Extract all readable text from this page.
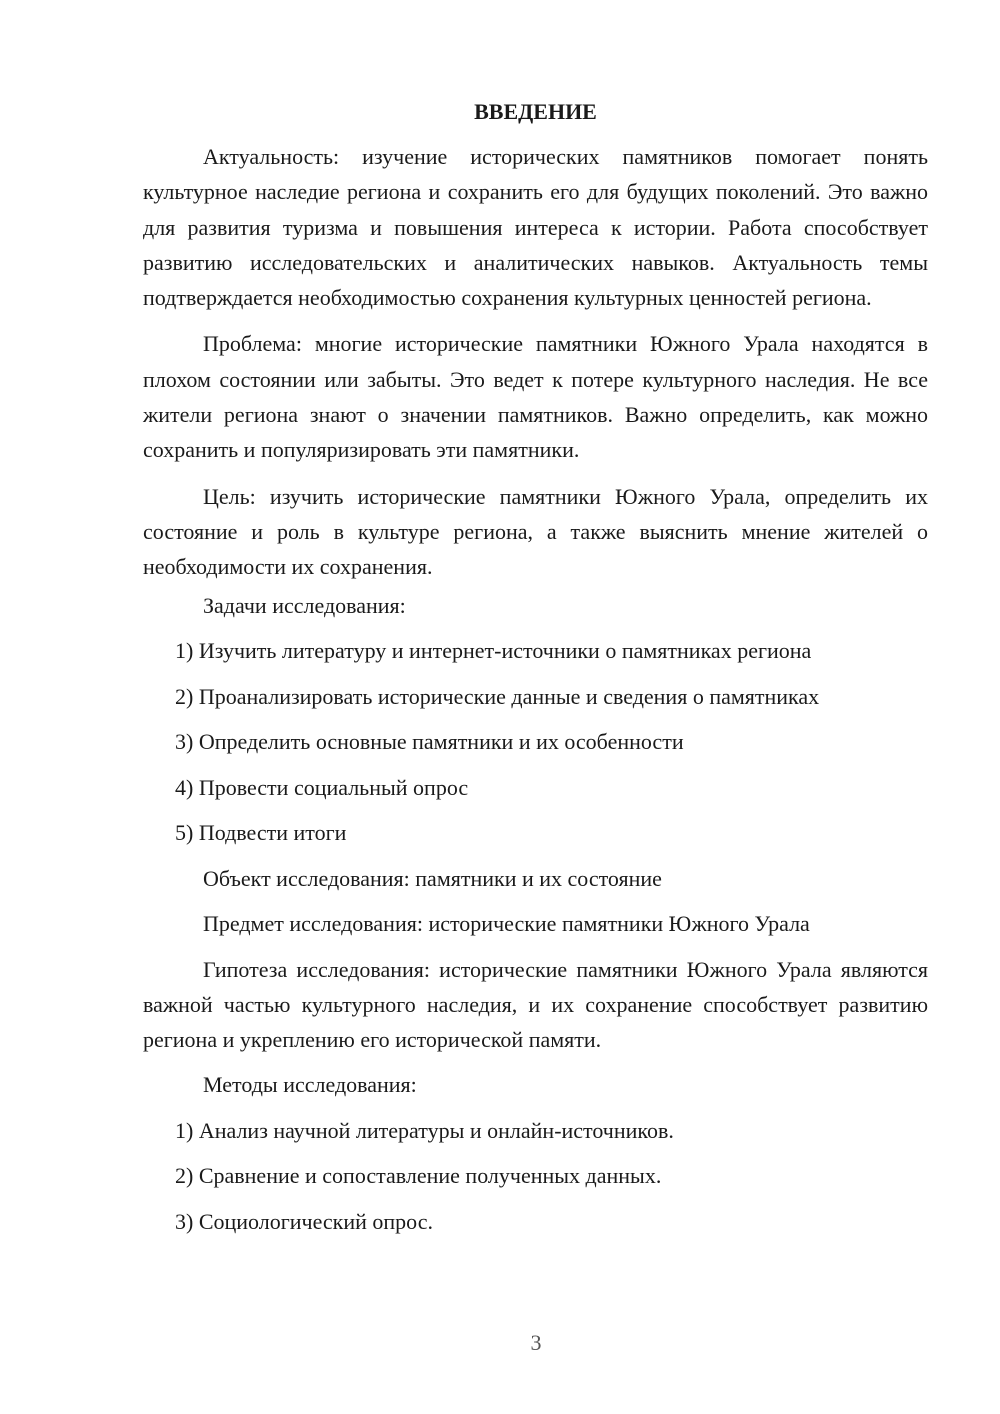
ВВЕДЕНИЕ

Актуальность: изучение исторических памятников помогает понять культурное наследие региона и сохранить его для будущих поколений. Это важно для развития туризма и повышения интереса к истории. Работа способствует развитию исследовательских и аналитических навыков. Актуальность темы подтверждается необходимостью сохранения культурных ценностей региона.

Проблема: многие исторические памятники Южного Урала находятся в плохом состоянии или забыты. Это ведет к потере культурного наследия. Не все жители региона знают о значении памятников. Важно определить, как можно сохранить и популяризировать эти памятники.

Цель: изучить исторические памятники Южного Урала, определить их состояние и роль в культуре региона, а также выяснить мнение жителей о необходимости их сохранения.

Задачи исследования:
1) Изучить литературу и интернет-источники о памятниках региона
2) Проанализировать исторические данные и сведения о памятниках
3) Определить основные памятники и их особенности
4) Провести социальный опрос
5) Подвести итоги
Объект исследования: памятники и их состояние
Предмет исследования: исторические памятники Южного Урала

Гипотеза исследования: исторические памятники Южного Урала являются важной частью культурного наследия, и их сохранение способствует развитию региона и укреплению его исторической памяти.

Методы исследования:
1) Анализ научной литературы и онлайн-источников.
2) Сравнение и сопоставление полученных данных.
3) Социологический опрос.
3
